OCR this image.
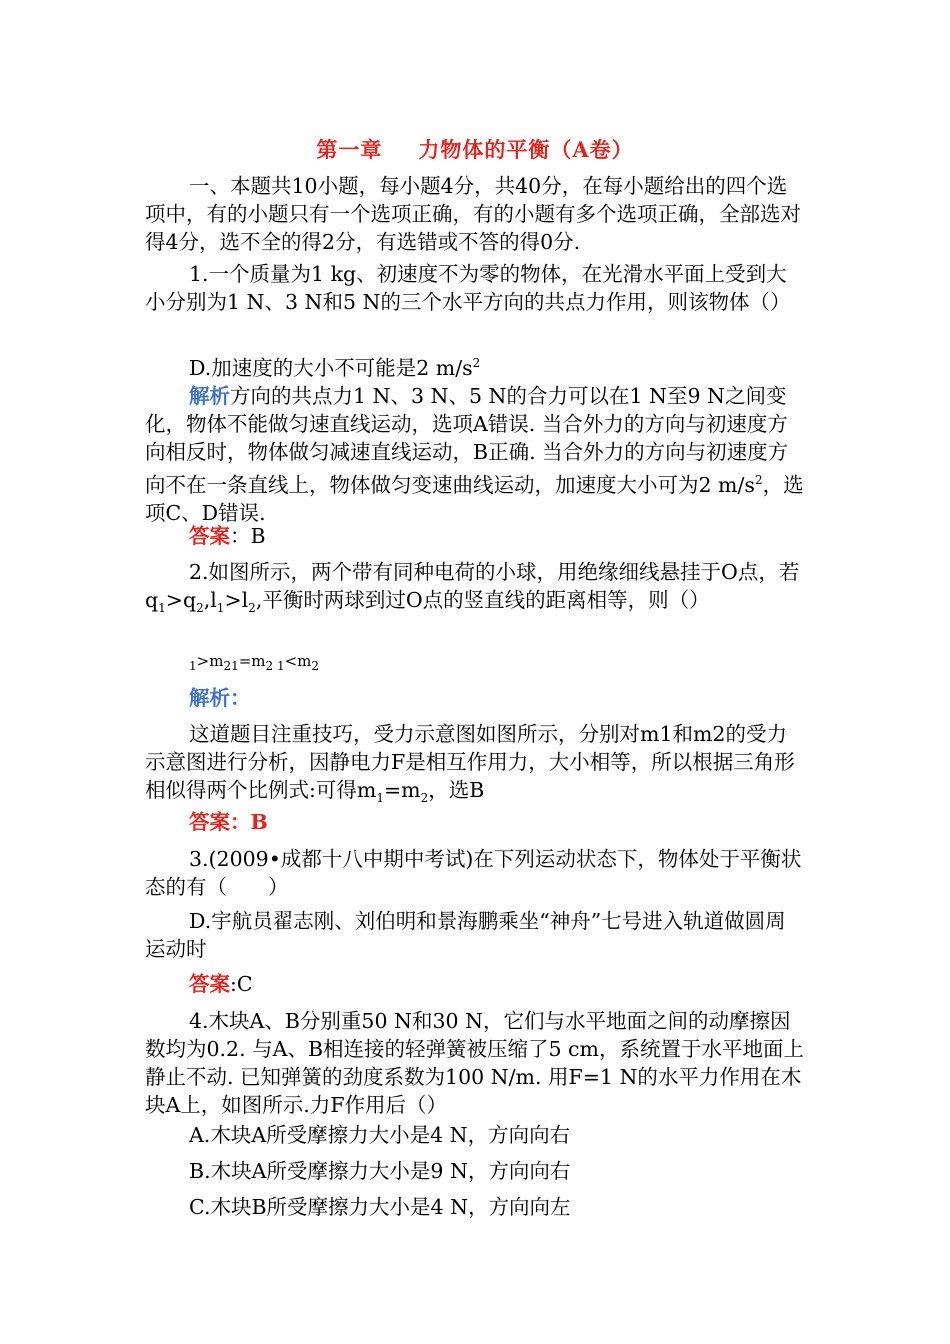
第一章 力物体的平衡（A卷）
一、本题共10小题，每小题4分，共40分，在每小题给出的四个选项中，有的小题只有一个选项正确，有的小题有多个选项正确，全部选对得4分，选不全的得2分，有选错或不答的得0分.
1.一个质量为1 kg、初速度不为零的物体，在光滑水平面上受到大小分别为1 N、3 N和5 N的三个水平方向的共点力作用，则该物体（）
D.加速度的大小不可能是2 $m/s^2$
解析方向的共点力1 N、3 N、5 N的合力可以在1 N至9 N之间变化，物体不能做匀速直线运动，选项A错误. 当合外力的方向与初速度方向相反时，物体做匀减速直线运动，B正确. 当合外力的方向与初速度方向不在一条直线上，物体做匀变速曲线运动，加速度大小可为2 $m/s^2$，选项C、D错误.
答案：B
2.如图所示，两个带有同种电荷的小球，用绝缘细线悬挂于O点，若$q_1>q_2,l_1>l_2$,平衡时两球到过O点的竖直线的距离相等，则（）
$_1>m_{21}=m_{2 1}<m_2$
解析：
这道题目注重技巧，受力示意图如图所示，分别对m1和m2的受力示意图进行分析，因静电力F是相互作用力，大小相等，所以根据三角形相似得两个比例式:可得$m_1=m_2$，选B
答案：B
3.(2009•成都十八中期中考试)在下列运动状态下，物体处于平衡状态的有（　　）
D.宇航员翟志刚、刘伯明和景海鹏乘坐“神舟”七号进入轨道做圆周运动时
答案:C
4.木块A、B分别重50 N和30 N，它们与水平地面之间的动摩擦因数均为0.2. 与A、B相连接的轻弹簧被压缩了5 cm，系统置于水平地面上静止不动. 已知弹簧的劲度系数为100 N/m. 用F=1 N的水平力作用在木块A上，如图所示.力F作用后（）
A.木块A所受摩擦力大小是4 N，方向向右
B.木块A所受摩擦力大小是9 N，方向向右
C.木块B所受摩擦力大小是4 N，方向向左
